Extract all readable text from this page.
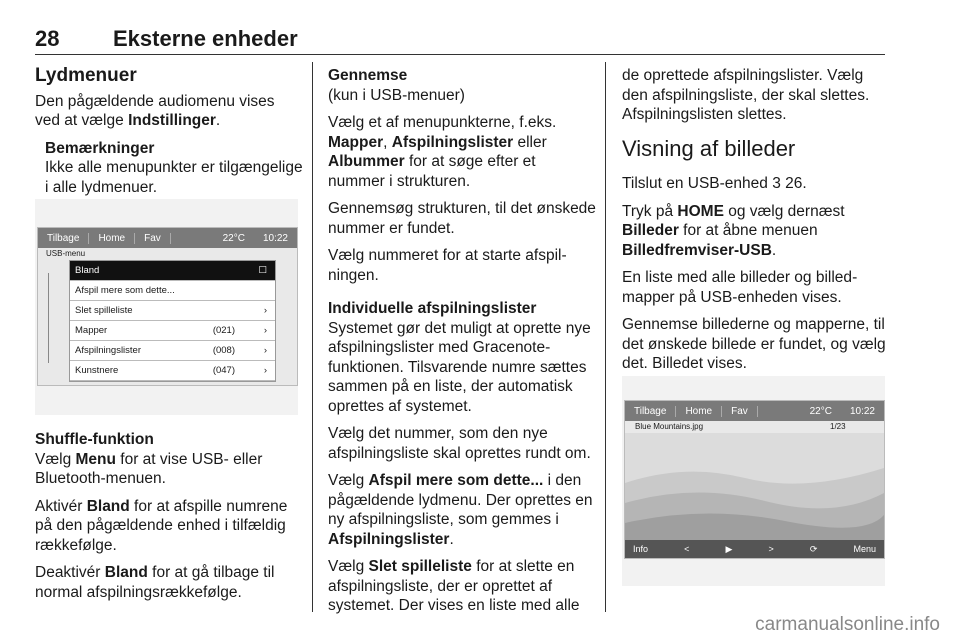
28 Eksterne enheder
Lydmenuer

Den pågældende audiomenu vises ved at vælge Indstillinger.

Bemærkninger
Ikke alle menupunkter er tilgængelige i alle lydmenuer.
Tilbage	Home	Fav	22°C	10:22
USB-menu
Bland	☐
Afspil mere som dette...
Slet spilleliste	›
Mapper	(021)	›
Afspilningslister	(008)	›
Kunstnere	(047)	›
Shuffle-funktion

Vælg Menu for at vise USB- eller Bluetooth-menuen.

Aktivér Bland for at afspille numrene på den pågældende enhed i tilfældig rækkefølge.

Deaktivér Bland for at gå tilbage til normal afspilningsrækkefølge.

Gennemse

(kun i USB-menuer)

Vælg et af menupunkterne, f.eks. Mapper, Afspilningslister eller Albummer for at søge efter et nummer i strukturen.

Gennemsøg strukturen, til det ønskede nummer er fundet.

Vælg nummeret for at starte afspilningen.

Individuelle afspilningslister

Systemet gør det muligt at oprette nye afspilningslister med Gracenote-funktionen. Tilsvarende numre sættes sammen på en liste, der automatisk oprettes af systemet.

Vælg det nummer, som den nye afspilningsliste skal oprettes rundt om.

Vælg Afspil mere som dette... i den pågældende lydmenu. Der oprettes en ny afspilningsliste, som gemmes i Afspilningslister.

Vælg Slet spilleliste for at slette en afspilningsliste, der er oprettet af systemet. Der vises en liste med alle

de oprettede afspilningslister. Vælg den afspilningsliste, der skal slettes. Afspilningslisten slettes.

Visning af billeder

Tilslut en USB-enhed 3 26.

Tryk på HOME og vælg dernæst Billeder for at åbne menuen Billedfremviser-USB.

En liste med alle billeder og billedmapper på USB-enheden vises.

Gennemse billederne og mapperne, til det ønskede billede er fundet, og vælg det. Billedet vises.

Tilbage	Home	Fav	22°C	10:22
Blue Mountains.jpg	1/23
Info	<	▶	>	⟳	Menu
carmanualsonline.info
